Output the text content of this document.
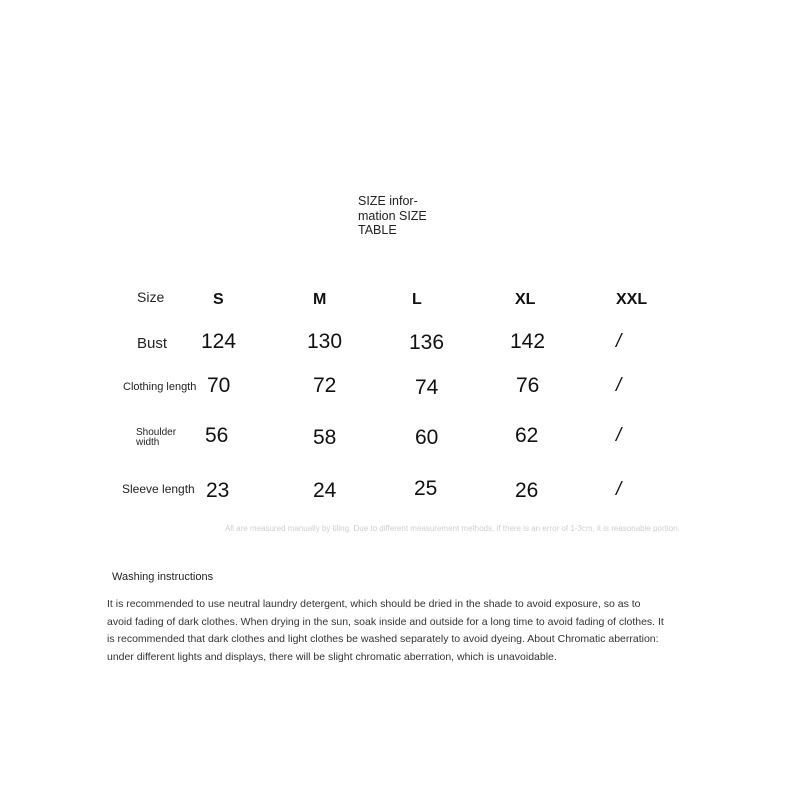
SIZE infor-
mation SIZE
TABLE
Size	S	M	L	XL	XXL
Bust 124	130	136	142	/
Clothing length 70	72	74	76	/
Shoulder
width	56	58	60	62	/
Sleeve length 23	24	25	26	/
All are measured manually by tiling. Due to different measurement methods, if there is an error of 1-3cm, it is reasonable portion.
Washing instructions
It is recommended to use neutral laundry detergent, which should be dried in the shade to avoid exposure, so as to
avoid fading of dark clothes. When drying in the sun, soak inside and outside for a long time to avoid fading of clothes. It
is recommended that dark clothes and light clothes be washed separately to avoid dyeing. About Chromatic aberration:
under different lights and displays, there will be slight chromatic aberration, which is unavoidable.
